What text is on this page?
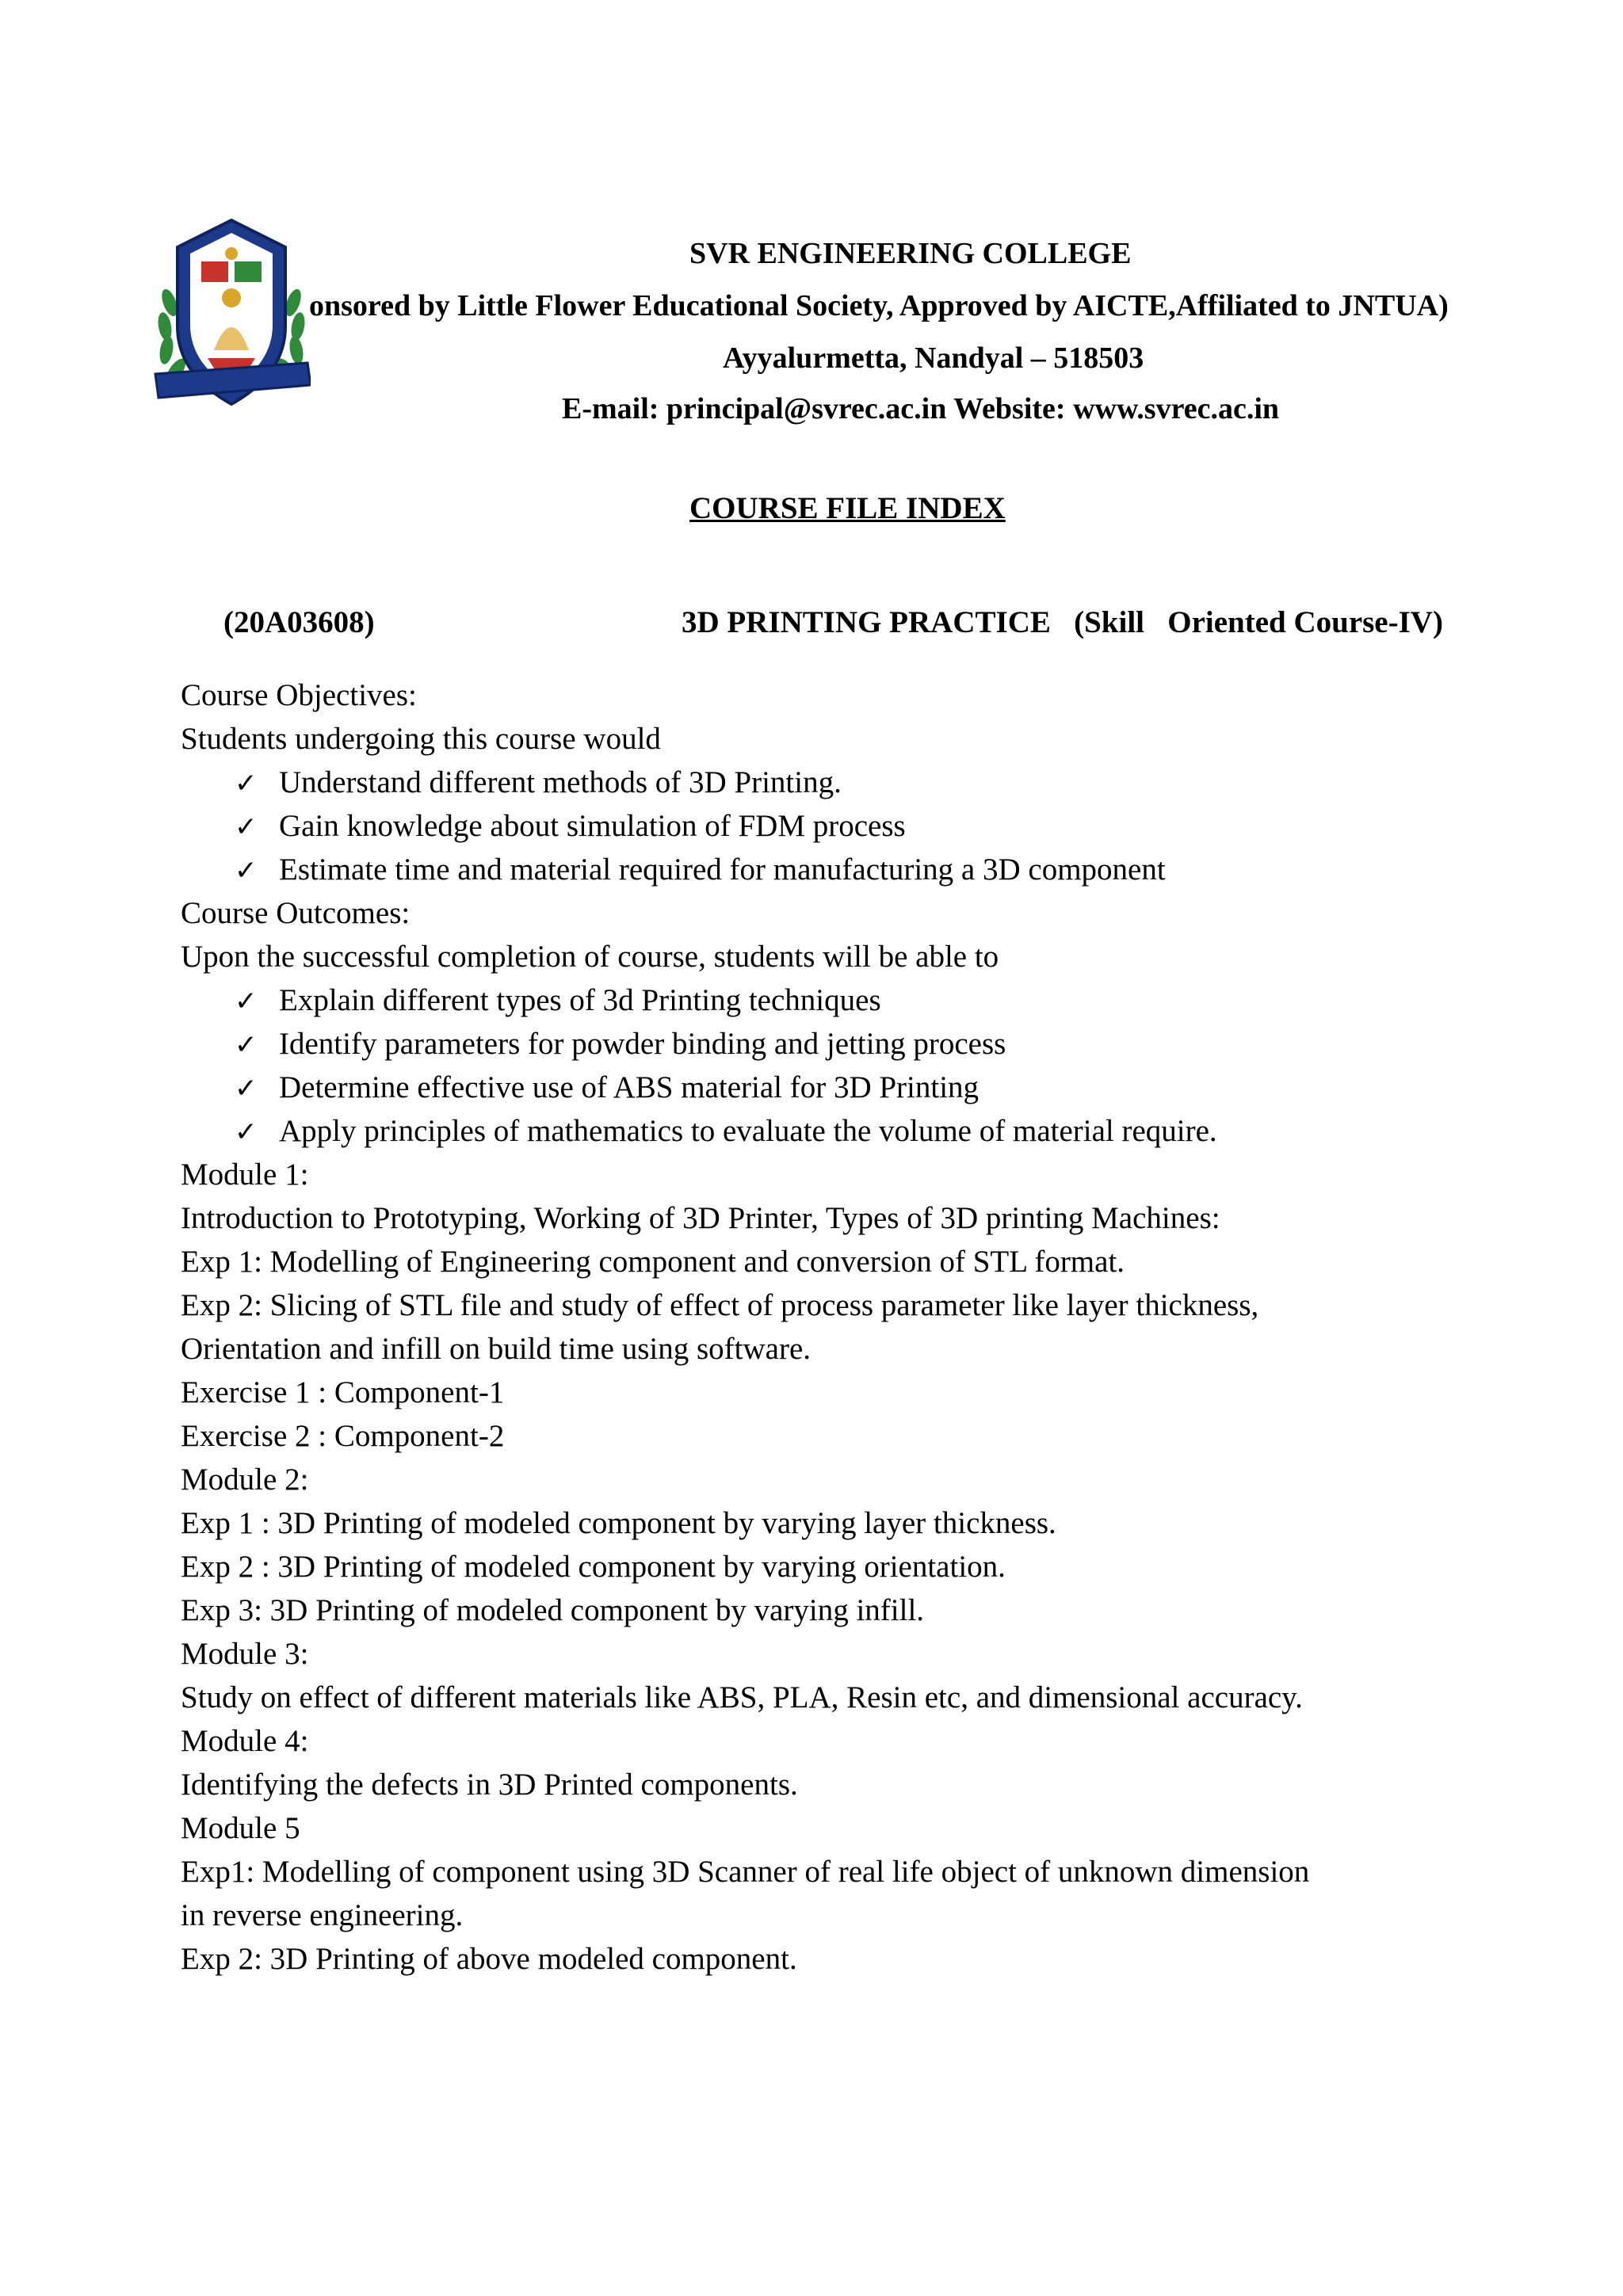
SVR ENGINEERING COLLEGE
onsored by Little Flower Educational Society, Approved by AICTE,Affiliated to JNTUA)
Ayyalurmetta, Nandyal – 518503
E-mail: principal@svrec.ac.in Website: www.svrec.ac.in
COURSE FILE INDEX
(20A03608)	3D PRINTING PRACTICE   (Skill   Oriented Course-IV)
Course Objectives:
Students undergoing this course would
✓ Understand different methods of 3D Printing.
✓ Gain knowledge about simulation of FDM process
✓ Estimate time and material required for manufacturing a 3D component
Course Outcomes:
Upon the successful completion of course, students will be able to
✓ Explain different types of 3d Printing techniques
✓ Identify parameters for powder binding and jetting process
✓ Determine effective use of ABS material for 3D Printing
✓ Apply principles of mathematics to evaluate the volume of material require.
Module 1:
Introduction to Prototyping, Working of 3D Printer, Types of 3D printing Machines:
Exp 1: Modelling of Engineering component and conversion of STL format.
Exp 2: Slicing of STL file and study of effect of process parameter like layer thickness,
Orientation and infill on build time using software.
Exercise 1 : Component-1
Exercise 2 : Component-2
Module 2:
Exp 1 : 3D Printing of modeled component by varying layer thickness.
Exp 2 : 3D Printing of modeled component by varying orientation.
Exp 3: 3D Printing of modeled component by varying infill.
Module 3:
Study on effect of different materials like ABS, PLA, Resin etc, and dimensional accuracy.
Module 4:
Identifying the defects in 3D Printed components.
Module 5
Exp1: Modelling of component using 3D Scanner of real life object of unknown dimension
in reverse engineering.
Exp 2: 3D Printing of above modeled component.
